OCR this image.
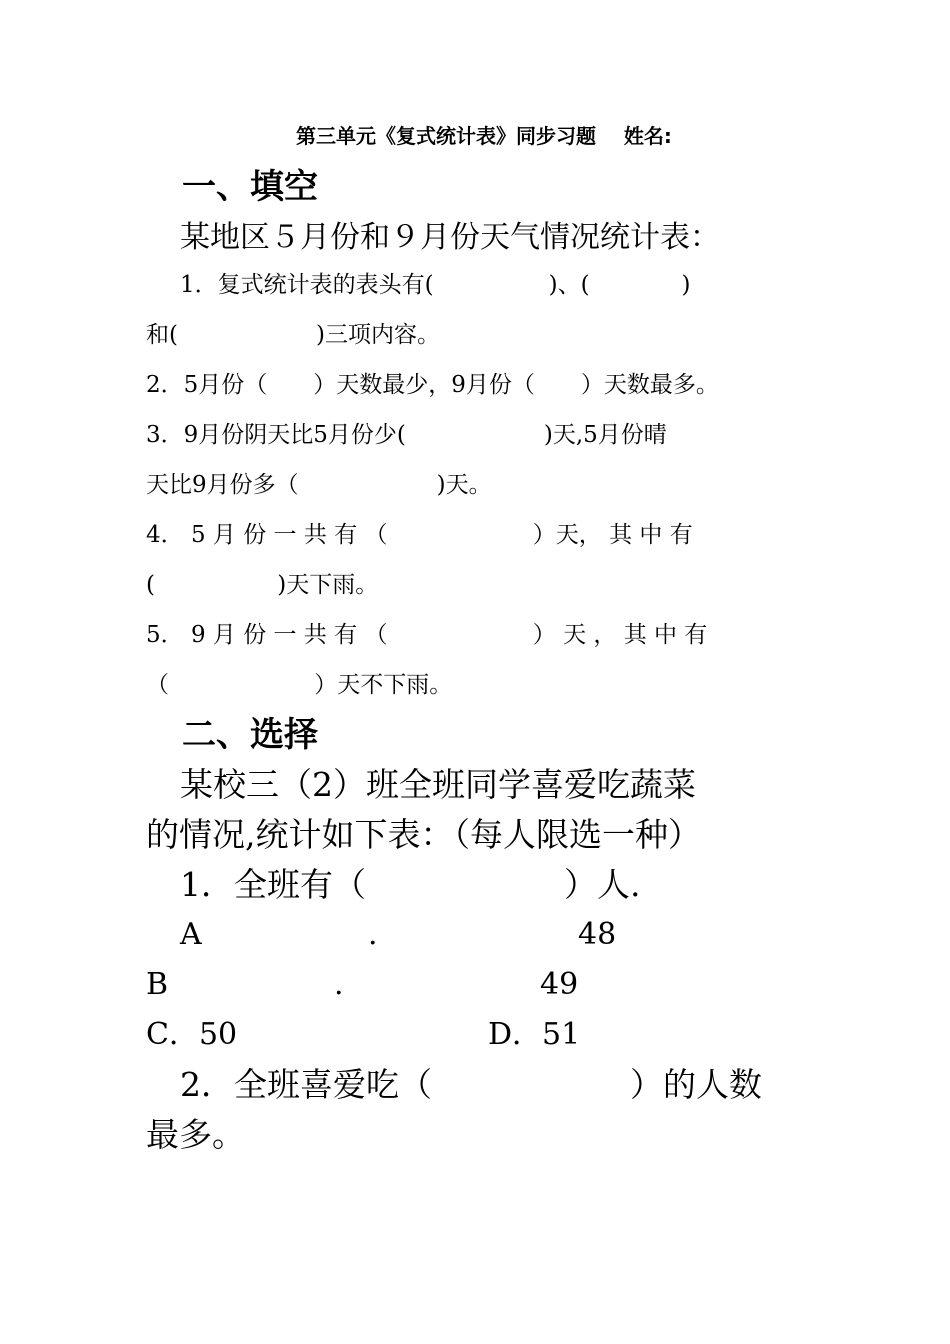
第三单元《复式统计表》同步习题    姓名:
一、填空
某地区５月份和９月份天气情况统计表：
1．复式统计表的表头有(　　　　　)、(　　　　)
和(　　　　　　)三项内容。
2．5月份（　　）天数最少，9月份（　　）天数最多。
3．9月份阴天比5月份少(　　　　　　)天,5月份晴
天比9月份多（　　　　　　)天。
4． 5 月 份 一 共 有 （　　　　　　 ）天， 其 中 有
(　　　　　 )天下雨。
5． 9 月 份 一 共 有 （　　　　　　 ） 天 ， 其 中 有
（　　　　　　 ）天不下雨。
二、选择
某校三（2）班全班同学喜爱吃蔬菜
的情况,统计如下表：（每人限选一种）
1．全班有（　　　　　　）人.
A	.	48
B	.	49
C．50	D．51
2．全班喜爱吃（　　　　　　）的人数
最多。
